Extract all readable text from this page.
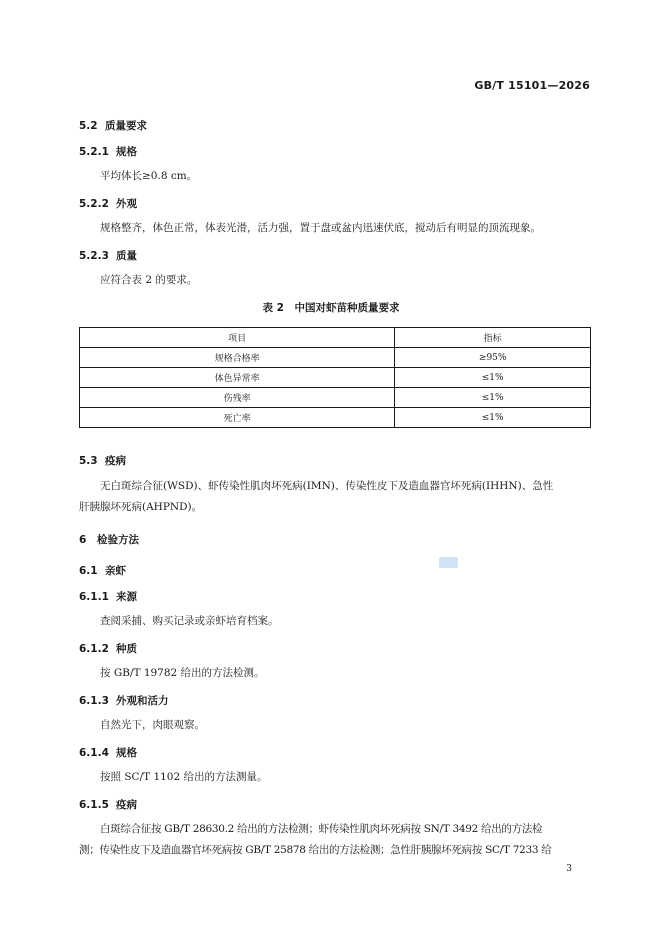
GB/T 15101—2026
5.2 质量要求
5.2.1 规格
平均体长≥0.8 cm。
5.2.2 外观
规格整齐，体色正常，体表光滑，活力强，置于盘或盆内迅速伏底，搅动后有明显的顶流现象。
5.2.3 质量
应符合表 2 的要求。
表 2　中国对虾苗种质量要求
项目	指标
规格合格率	≥95%
体色异常率	≤1%
伤残率	≤1%
死亡率	≤1%
5.3 疫病
无白斑综合征(WSD)、虾传染性肌肉坏死病(IMN)、传染性皮下及造血器官坏死病(IHHN)、急性
肝胰腺坏死病(AHPND)。
6 检验方法
6.1 亲虾
6.1.1 来源
查阅采捕、购买记录或亲虾培育档案。
6.1.2 种质
按 GB/T 19782 给出的方法检测。
6.1.3 外观和活力
自然光下，肉眼观察。
6.1.4 规格
按照 SC/T 1102 给出的方法测量。
6.1.5 疫病
白斑综合征按 GB/T 28630.2 给出的方法检测；虾传染性肌肉坏死病按 SN/T 3492 给出的方法检
测；传染性皮下及造血器官坏死病按 GB/T 25878 给出的方法检测；急性肝胰腺坏死病按 SC/T 7233 给
3
